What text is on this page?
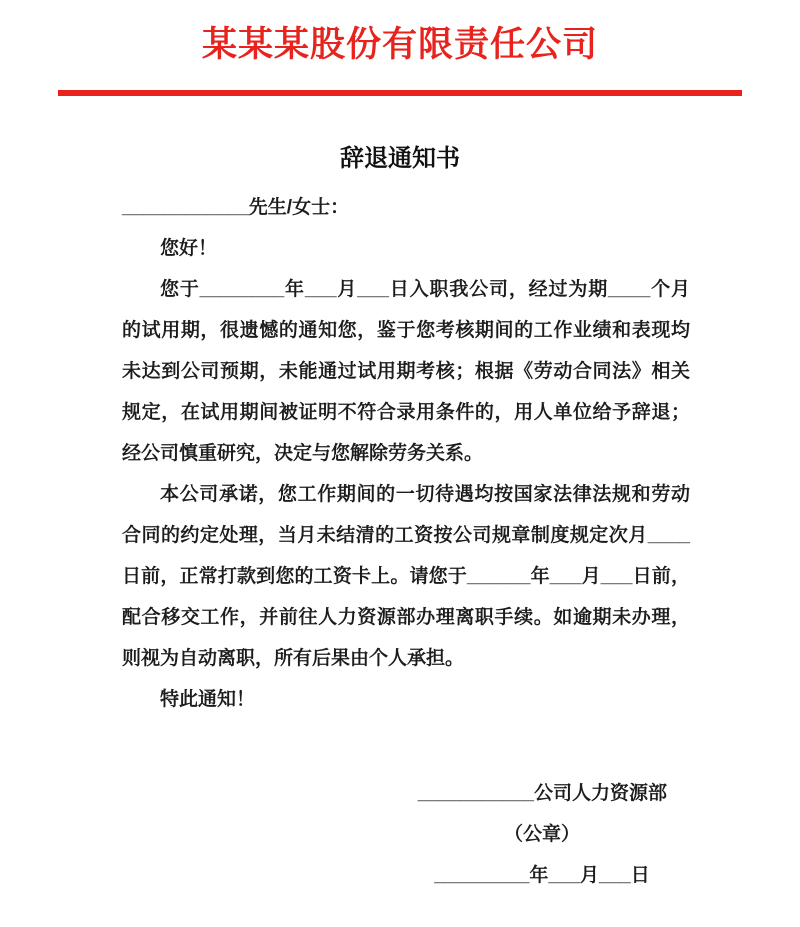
某某某股份有限责任公司
辞退通知书

____________先生/女士：

您好！

您于________年___月___日入职我公司，经过为期____个月的试用期，很遗憾的通知您，鉴于您考核期间的工作业绩和表现均未达到公司预期，未能通过试用期考核；根据《劳动合同法》相关规定，在试用期间被证明不符合录用条件的，用人单位给予辞退；经公司慎重研究，决定与您解除劳务关系。

本公司承诺，您工作期间的一切待遇均按国家法律法规和劳动合同的约定处理，当月未结清的工资按公司规章制度规定次月____日前，正常打款到您的工资卡上。请您于______年___月___日前，配合移交工作，并前往人力资源部办理离职手续。如逾期未办理，则视为自动离职，所有后果由个人承担。

特此通知！

___________公司人力资源部

（公章）

_________年___月___日
